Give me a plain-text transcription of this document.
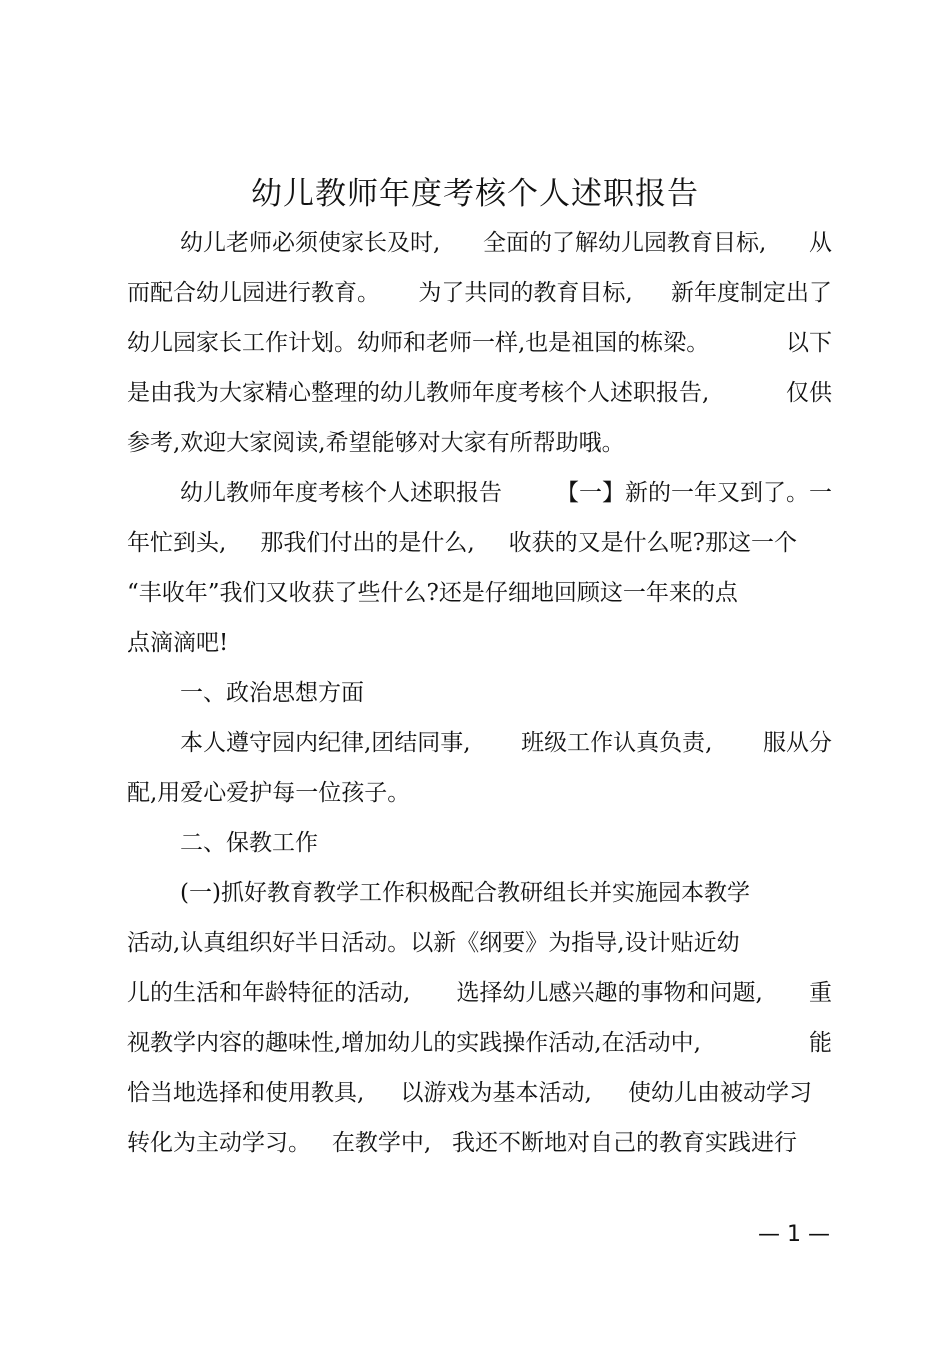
幼儿教师年度考核个人述职报告
幼儿老师必须使家长及时, 全面的了解幼儿园教育目标, 从
而配合幼儿园进行教育。 为了共同的教育目标, 新年度制定出了
幼儿园家长工作计划。幼师和老师一样,也是祖国的栋梁。	以下
是由我为大家精心整理的幼儿教师年度考核个人述职报告,	仅供
参考,欢迎大家阅读,希望能够对大家有所帮助哦。
幼儿教师年度考核个人述职报告 【一】新的一年又到了。一
年忙到头, 那我们付出的是什么, 收获的又是什么呢?那这一个
“丰收年”我们又收获了些什么?还是仔细地回顾这一年来的点
点滴滴吧!
一、政治思想方面
本人遵守园内纪律,团结同事, 班级工作认真负责, 服从分
配,用爱心爱护每一位孩子。
二、保教工作
(一)抓好教育教学工作积极配合教研组长并实施园本教学
活动,认真组织好半日活动。以新《纲要》为指导,设计贴近幼
儿的生活和年龄特征的活动, 选择幼儿感兴趣的事物和问题, 重
视教学内容的趣味性,增加幼儿的实践操作活动,在活动中,	能
恰当地选择和使用教具, 以游戏为基本活动, 使幼儿由被动学习
转化为主动学习。 在教学中, 我还不断地对自己的教育实践进行
— 1 —
